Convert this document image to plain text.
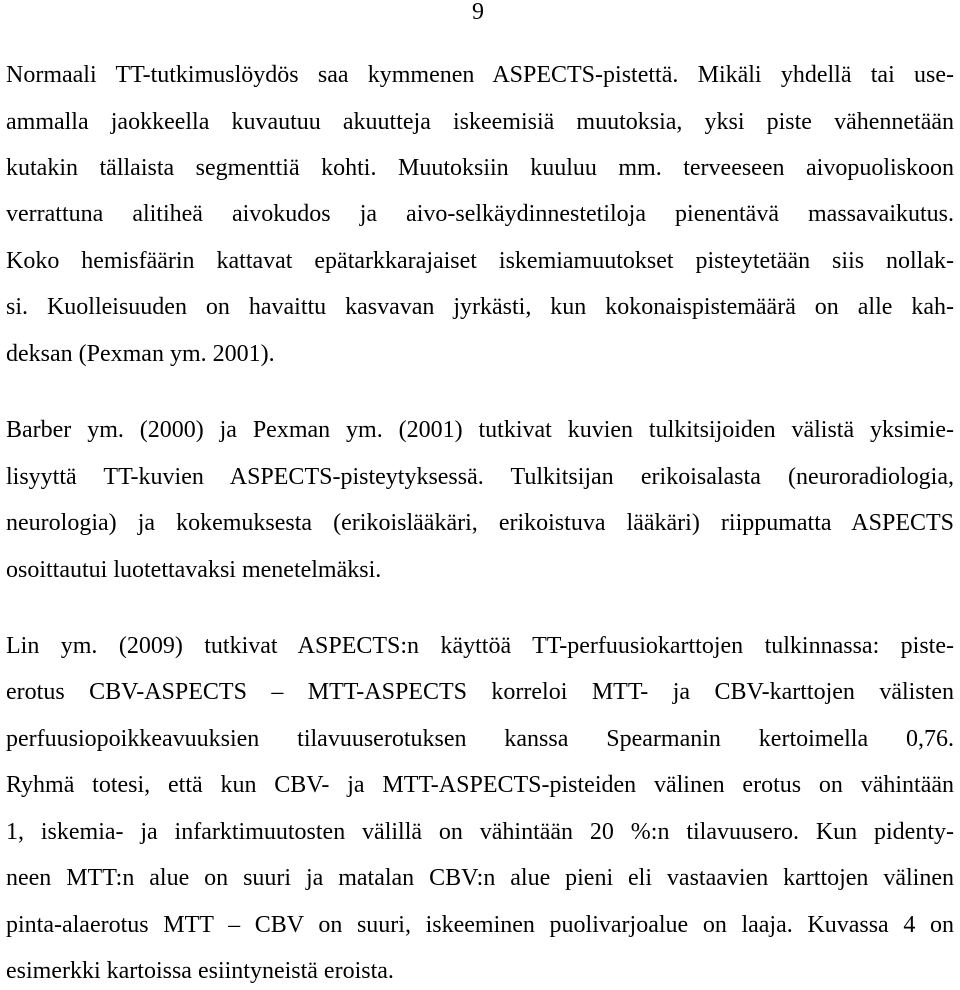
9
Normaali TT-tutkimuslöydös saa kymmenen ASPECTS-pistettä. Mikäli yhdellä tai use-
ammalla jaokkeella kuvautuu akuutteja iskeemisiä muutoksia, yksi piste vähennetään
kutakin tällaista segmenttiä kohti. Muutoksiin kuuluu mm. terveeseen aivopuoliskoon
verrattuna alitiheä aivokudos ja aivo-selkäydinnestetiloja pienentävä massavaikutus.
Koko hemisfäärin kattavat epätarkkarajaiset iskemiamuutokset pisteytetään siis nollak-
si. Kuolleisuuden on havaittu kasvavan jyrkästi, kun kokonaispistemäärä on alle kah-
deksan (Pexman ym. 2001).
Barber ym. (2000) ja Pexman ym. (2001) tutkivat kuvien tulkitsijoiden välistä yksimie-
lisyyttä TT-kuvien ASPECTS-pisteytyksessä. Tulkitsijan erikoisalasta (neuroradiologia,
neurologia) ja kokemuksesta (erikoislääkäri, erikoistuva lääkäri) riippumatta ASPECTS
osoittautui luotettavaksi menetelmäksi.
Lin ym. (2009) tutkivat ASPECTS:n käyttöä TT-perfuusiokarttojen tulkinnassa: piste-
erotus CBV-ASPECTS – MTT-ASPECTS korreloi MTT- ja CBV-karttojen välisten
perfuusiopoikkeavuuksien tilavuuserotuksen kanssa Spearmanin kertoimella 0,76.
Ryhmä totesi, että kun CBV- ja MTT-ASPECTS-pisteiden välinen erotus on vähintään
1, iskemia- ja infarktimuutosten välillä on vähintään 20 %:n tilavuusero. Kun pidenty-
neen MTT:n alue on suuri ja matalan CBV:n alue pieni eli vastaavien karttojen välinen
pinta-alaerotus MTT – CBV on suuri, iskeeminen puolivarjoalue on laaja. Kuvassa 4 on
esimerkki kartoissa esiintyneistä eroista.
